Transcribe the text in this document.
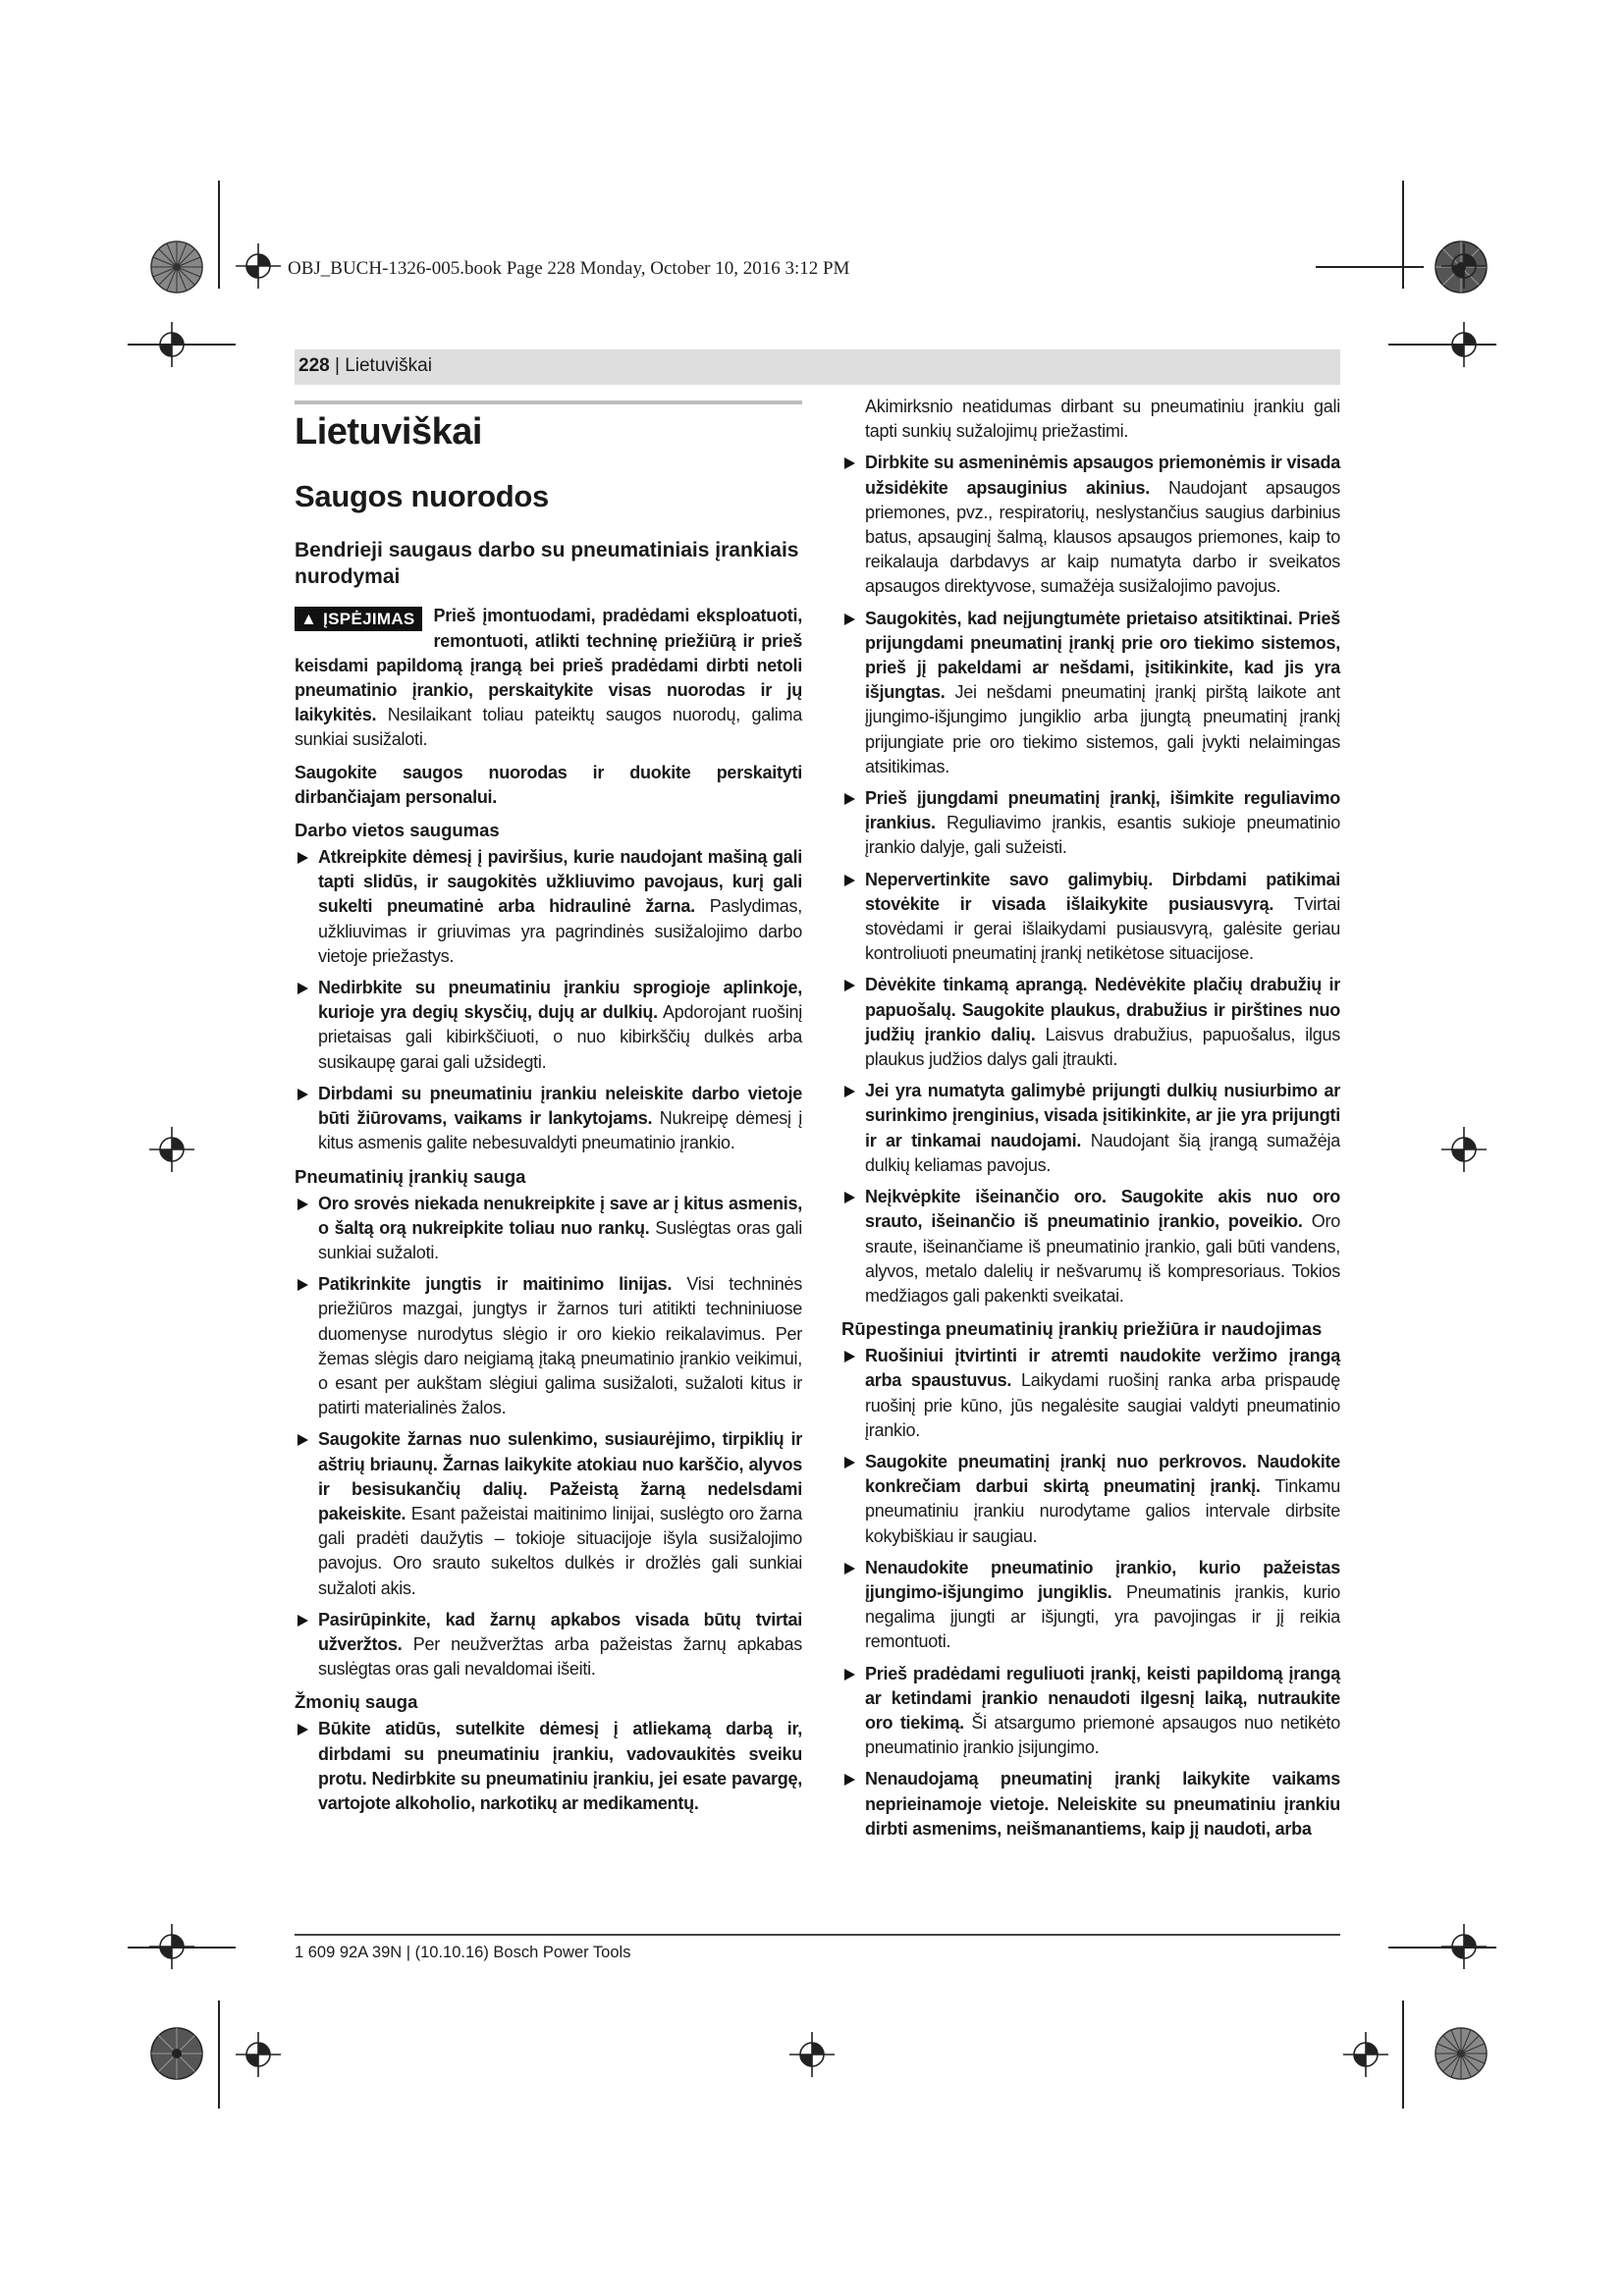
OBJ_BUCH-1326-005.book Page 228 Monday, October 10, 2016 3:12 PM
228 | Lietuviškai
Lietuviškai
Saugos nuorodos
Bendrieji saugaus darbo su pneumatiniais įrankiais nurodymai
▲ ĮSPĖJIMAS	Prieš įmontuodami, pradėdami eksploatuoti, remontuoti, atlikti techninę priežiūrą ir prieš keisdami papildomą įrangą bei prieš pradėdami dirbti netoli pneumatinio įrankio, perskaitykite visas nuorodas ir jų laikykitės. Nesilaikant toliau pateiktų saugos nuorodų, galima sunkiai susižaloti.

Saugokite saugos nuorodas ir duokite perskaityti dirbančiajam personalui.

Darbo vietos saugumas
Atkreipkite dėmesį į paviršius, kurie naudojant mašiną gali tapti slidūs, ir saugokitės užkliuvimo pavojaus, kurį gali sukelti pneumatinė arba hidraulinė žarna. Paslydimas, užkliuvimas ir griuvimas yra pagrindinės susižalojimo darbo vietoje priežastys.
Nedirbkite su pneumatiniu įrankiu sprogioje aplinkoje, kurioje yra degių skysčių, dujų ar dulkių. Apdorojant ruošinį prietaisas gali kibirkščiuoti, o nuo kibirkščių dulkės arba susikaupę garai gali užsidegti.
Dirbdami su pneumatiniu įrankiu neleiskite darbo vietoje būti žiūrovams, vaikams ir lankytojams. Nukreipę dėmesį į kitus asmenis galite nebesuvaldyti pneumatinio įrankio.
Pneumatinių įrankių sauga
Oro srovės niekada nenukreipkite į save ar į kitus asmenis, o šaltą orą nukreipkite toliau nuo rankų. Suslėgtas oras gali sunkiai sužaloti.
Patikrinkite jungtis ir maitinimo linijas. Visi techninės priežiūros mazgai, jungtys ir žarnos turi atitikti techniniuose duomenyse nurodytus slėgio ir oro kiekio reikalavimus. Per žemas slėgis daro neigiamą įtaką pneumatinio įrankio veikimui, o esant per aukštam slėgiui galima susižaloti, sužaloti kitus ir patirti materialinės žalos.
Saugokite žarnas nuo sulenkimo, susiaurėjimo, tirpiklių ir aštrių briaunų. Žarnas laikykite atokiau nuo karščio, alyvos ir besisukančių dalių. Pažeistą žarną nedelsdami pakeiskite. Esant pažeistai maitinimo linijai, suslėgto oro žarna gali pradėti daužytis – tokioje situacijoje išyla susižalojimo pavojus. Oro srauto sukeltos dulkės ir drožlės gali sunkiai sužaloti akis.
Pasirūpinkite, kad žarnų apkabos visada būtų tvirtai užveržtos. Per neužveržtas arba pažeistas žarnų apkabas suslėgtas oras gali nevaldomai išeiti.
Žmonių sauga
Būkite atidūs, sutelkite dėmesį į atliekamą darbą ir, dirbdami su pneumatiniu įrankiu, vadovaukitės sveiku protu. Nedirbkite su pneumatiniu įrankiu, jei esate pavargę, vartojote alkoholio, narkotikų ar medikamentų.

Akimirksnio neatidumas dirbant su pneumatiniu įrankiu gali tapti sunkių sužalojimų priežastimi.

Dirbkite su asmeninėmis apsaugos priemonėmis ir visada užsidėkite apsauginius akinius. Naudojant apsaugos priemones, pvz., respiratorių, neslystančius saugius darbinius batus, apsauginį šalmą, klausos apsaugos priemones, kaip to reikalauja darbdavys ar kaip numatyta darbo ir sveikatos apsaugos direktyvose, sumažėja susižalojimo pavojus.
Saugokitės, kad neįjungtumėte prietaiso atsitiktinai. Prieš prijungdami pneumatinį įrankį prie oro tiekimo sistemos, prieš jį pakeldami ar nešdami, įsitikinkite, kad jis yra išjungtas. Jei nešdami pneumatinį įrankį pirštą laikote ant įjungimo-išjungimo jungiklio arba įjungtą pneumatinį įrankį prijungiate prie oro tiekimo sistemos, gali įvykti nelaimingas atsitikimas.
Prieš įjungdami pneumatinį įrankį, išimkite reguliavimo įrankius. Reguliavimo įrankis, esantis sukioje pneumatinio įrankio dalyje, gali sužeisti.
Nepervertinkite savo galimybių. Dirbdami patikimai stovėkite ir visada išlaikykite pusiausvyrą. Tvirtai stovėdami ir gerai išlaikydami pusiausvyrą, galėsite geriau kontroliuoti pneumatinį įrankį netikėtose situacijose.
Dėvėkite tinkamą aprangą. Nedėvėkite plačių drabužių ir papuošalų. Saugokite plaukus, drabužius ir pirštines nuo judžių įrankio dalių. Laisvus drabužius, papuošalus, ilgus plaukus judžios dalys gali įtraukti.
Jei yra numatyta galimybė prijungti dulkių nusiurbimo ar surinkimo įrenginius, visada įsitikinkite, ar jie yra prijungti ir ar tinkamai naudojami. Naudojant šią įrangą sumažėja dulkių keliamas pavojus.
Neįkvėpkite išeinančio oro. Saugokite akis nuo oro srauto, išeinančio iš pneumatinio įrankio, poveikio. Oro sraute, išeinančiame iš pneumatinio įrankio, gali būti vandens, alyvos, metalo dalelių ir nešvarumų iš kompresoriaus. Tokios medžiagos gali pakenkti sveikatai.
Rūpestinga pneumatinių įrankių priežiūra ir naudojimas
Ruošiniui įtvirtinti ir atremti naudokite veržimo įrangą arba spaustuvus. Laikydami ruošinį ranka arba prispaudę ruošinį prie kūno, jūs negalėsite saugiai valdyti pneumatinio įrankio.
Saugokite pneumatinį įrankį nuo perkrovos. Naudokite konkrečiam darbui skirtą pneumatinį įrankį. Tinkamu pneumatiniu įrankiu nurodytame galios intervale dirbsite kokybiškiau ir saugiau.
Nenaudokite pneumatinio įrankio, kurio pažeistas įjungimo-išjungimo jungiklis. Pneumatinis įrankis, kurio negalima įjungti ar išjungti, yra pavojingas ir jį reikia remontuoti.
Prieš pradėdami reguliuoti įrankį, keisti papildomą įrangą ar ketindami įrankio nenaudoti ilgesnį laiką, nutraukite oro tiekimą. Ši atsargumo priemonė apsaugos nuo netikėto pneumatinio įrankio įsijungimo.
Nenaudojamą pneumatinį įrankį laikykite vaikams neprieinamoje vietoje. Neleiskite su pneumatiniu įrankiu dirbti asmenims, neišmanantiems, kaip jį naudoti, arba
1 609 92A 39N | (10.10.16) Bosch Power Tools
